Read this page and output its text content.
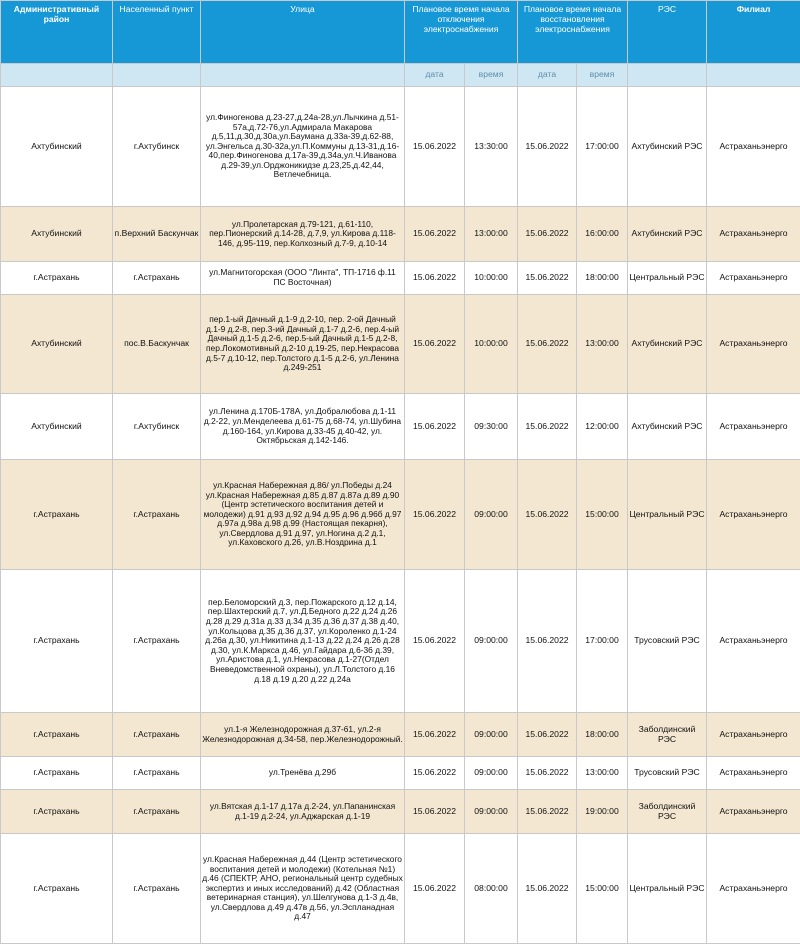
Административный район	Населенный пункт	Улица	Плановое время начала отключения электроснабжения		Плановое время начала восстановления электроснабжения		РЭС	Филиал
			дата	время	дата	время		
Ахтубинский	г.Ахтубинск	ул.Финогенова д.23-27,д.24а-28,ул.Лычкина д.51-57а,д.72-76,ул.Адмирала Макарова д.5,11,д.30,д.30а,ул.Баумана д.33а-39,д.62-88, ул.Энгельса д.30-32а,ул.П.Коммуны д.13-31,д.16-40,пер.Финогенова д.17а-39,д.34а,ул.Ч.Иванова д.29-39,ул.Орджоникидзе д.23,25,д.42,44, Ветлечебница.	15.06.2022	13:30:00	15.06.2022	17:00:00	Ахтубинский РЭС	Астраханьэнерго
Ахтубинский	п.Верхний Баскунчак	ул.Пролетарская д.79-121, д.61-110, пер.Пионерский д.14-28, д.7,9, ул.Кирова д.118-146, д.95-119, пер.Колхозный д.7-9, д.10-14	15.06.2022	13:00:00	15.06.2022	16:00:00	Ахтубинский РЭС	Астраханьэнерго
г.Астрахань	г.Астрахань	ул.Магнитогорская (ООО "Линта", ТП-1716 ф.11 ПС Восточная)	15.06.2022	10:00:00	15.06.2022	18:00:00	Центральный РЭС	Астраханьэнерго
Ахтубинский	пос.В.Баскунчак	пер.1-ый Дачный д.1-9 д.2-10, пер. 2-ой Дачный д.1-9 д.2-8, пер.3-ий Дачный д.1-7 д.2-6, пер.4-ый Дачный д.1-5 д.2-6, пер.5-ый Дачный д.1-5 д.2-8, пер.Локомотивный д.2-10 д.19-25, пер.Некрасова д.5-7 д.10-12, пер.Толстого д.1-5 д.2-6, ул.Ленина д.249-251	15.06.2022	10:00:00	15.06.2022	13:00:00	Ахтубинский РЭС	Астраханьэнерго
Ахтубинский	г.Ахтубинск	ул.Ленина д.170Б-178А, ул.Добралюбова д.1-11 д.2-22, ул.Менделеева д.61-75 д.68-74, ул.Шубина д.160-164, ул.Кирова д.33-45 д.40-42, ул. Октябрьская д.142-146.	15.06.2022	09:30:00	15.06.2022	12:00:00	Ахтубинский РЭС	Астраханьэнерго
г.Астрахань	г.Астрахань	ул.Красная Набережная д.86/ ул.Победы д.24 ул.Красная Набережная д.85 д.87 д.87а д.89 д.90 (Центр эстетического воспитания детей и молодежи) д.91 д.93 д.92 д.94 д.95 д.96 д.96б д.97 д.97а д.98а д.98 д.99 (Настоящая пекарня), ул.Свердлова д.91 д.97, ул.Ногина д.2 д.1, ул.Каховского д.26, ул.В.Ноздрина д.1	15.06.2022	09:00:00	15.06.2022	15:00:00	Центральный РЭС	Астраханьэнерго
г.Астрахань	г.Астрахань	пер.Беломорский д.3, пер.Пожарского д.12 д.14, пер.Шахтерский д.7, ул.Д.Бедного д.22 д.24 д.26 д.28 д.29 д.31а д.33 д.34 д.35 д.36 д.37 д.38 д.40, ул.Кольцова д.35 д.36 д.37, ул.Короленко д.1-24 д.26а д.30, ул.Никитина д.1-13 д.22 д.24 д.26 д.28 д.30, ул.К.Маркса д.46, ул.Гайдара д.6-36 д.39, ул.Аристова д.1, ул.Некрасова д.1-27(Отдел Вневедомственной охраны), ул.Л.Толстого д.16 д.18 д.19 д.20 д.22 д.24а	15.06.2022	09:00:00	15.06.2022	17:00:00	Трусовский РЭС	Астраханьэнерго
г.Астрахань	г.Астрахань	ул.1-я Железнодорожная д.37-61, ул.2-я Железнодорожная д.34-58, пер.Железнодорожный.	15.06.2022	09:00:00	15.06.2022	18:00:00	Заболдинский РЭС	Астраханьэнерго
г.Астрахань	г.Астрахань	ул.Тренёва д.29б	15.06.2022	09:00:00	15.06.2022	13:00:00	Трусовский РЭС	Астраханьэнерго
г.Астрахань	г.Астрахань	ул.Вятская д.1-17 д.17а д.2-24, ул.Папанинская д.1-19 д.2-24, ул.Аджарская д.1-19	15.06.2022	09:00:00	15.06.2022	19:00:00	Заболдинский РЭС	Астраханьэнерго
г.Астрахань	г.Астрахань	ул.Красная Набережная д.44 (Центр эстетического воспитания детей и молодежи) (Котельная №1) д.46 (СПЕКТР, АНО, региональный центр судебных экспертиз и иных исследований) д.42 (Областная ветеринарная станция), ул.Шелгунова д.1-3 д.4в, ул.Свердлова д.49 д.47в д.56, ул.Эспланадная д.47	15.06.2022	08:00:00	15.06.2022	15:00:00	Центральный РЭС	Астраханьэнерго
